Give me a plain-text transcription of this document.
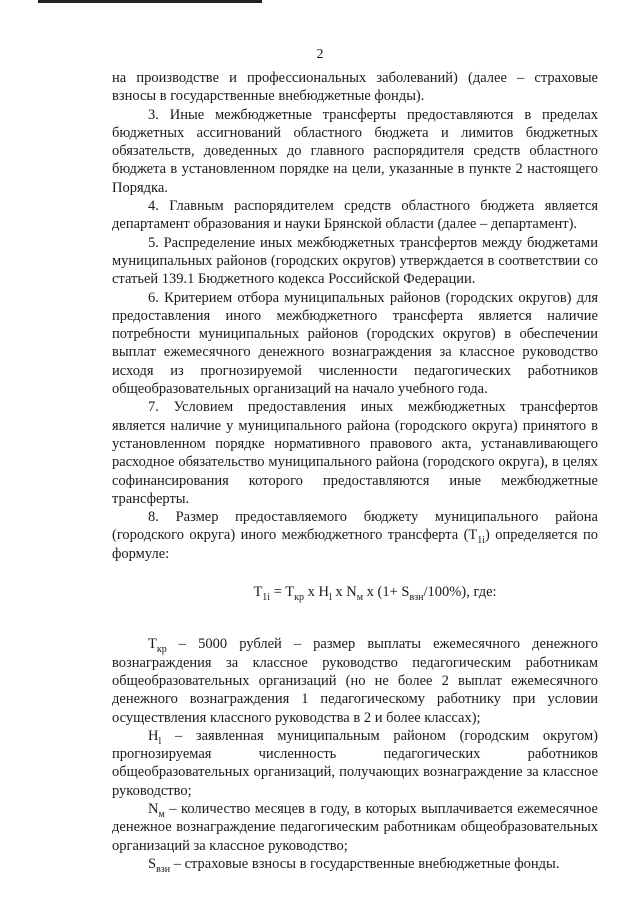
2

на производстве и профессиональных заболеваний) (далее – страховые взносы в государственные внебюджетные фонды).

3. Иные межбюджетные трансферты предоставляются в пределах бюджетных ассигнований областного бюджета и лимитов бюджетных обязательств, доведенных до главного распорядителя средств областного бюджета в установленном порядке на цели, указанные в пункте 2 настоящего Порядка.

4. Главным распорядителем средств областного бюджета является департамент образования и науки Брянской области (далее – департамент).

5. Распределение иных межбюджетных трансфертов между бюджетами муниципальных районов (городских округов) утверждается в соответствии со статьей 139.1 Бюджетного кодекса Российской Федерации.

6. Критерием отбора муниципальных районов (городских округов) для предоставления иного межбюджетного трансферта является наличие потребности муниципальных районов (городских округов) в обеспечении выплат ежемесячного денежного вознаграждения за классное руководство исходя из прогнозируемой численности педагогических работников общеобразовательных организаций на начало учебного года.

7. Условием предоставления иных межбюджетных трансфертов является наличие у муниципального района (городского округа) принятого в установленном порядке нормативного правового акта, устанавливающего расходное обязательство муниципального района (городского округа), в целях софинансирования которого предоставляются иные межбюджетные трансферты.

8. Размер предоставляемого бюджету муниципального района (городского округа) иного межбюджетного трансферта $(T_{1i})$ определяется по формуле:

$T_{1i} = T_{кр}$ x $H_l$ x $N_м$ x $(1+ S_{взн}/100\%)$, где:

$T_{кр} - 5000$ рублей – размер выплаты ежемесячного денежного вознаграждения за классное руководство педагогическим работникам общеобразовательных организаций (но не более 2 выплат ежемесячного денежного вознаграждения 1 педагогическому работнику при условии осуществления классного руководства в 2 и более классах);

$H_l$ – заявленная муниципальным районом (городским округом) прогнозируемая численность педагогических работников общеобразовательных организаций, получающих вознаграждение за классное руководство;

$N_м$ – количество месяцев в году, в которых выплачивается ежемесячное денежное вознаграждение педагогическим работникам общеобразовательных организаций за классное руководство;

$S_{взн}$ – страховые взносы в государственные внебюджетные фонды.
